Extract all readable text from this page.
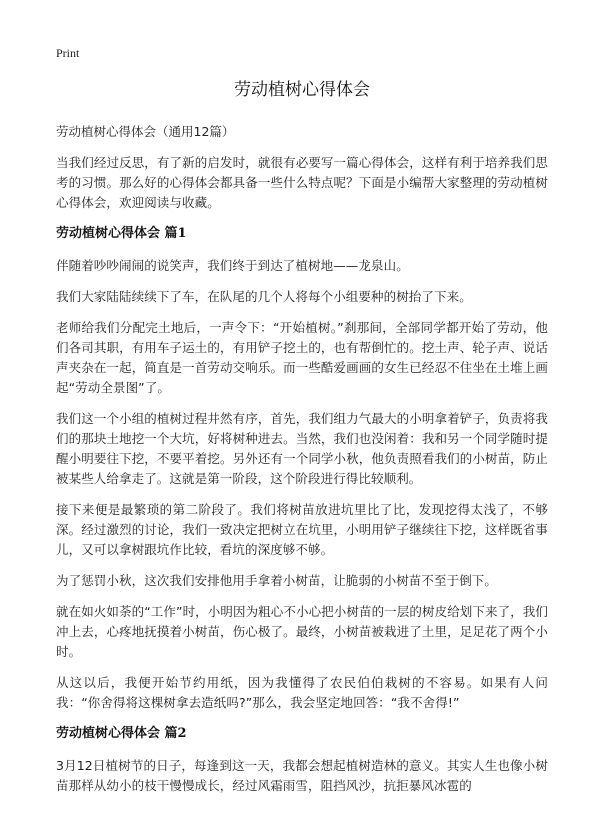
Print
劳动植树心得体会
劳动植树心得体会（通用12篇）

当我们经过反思，有了新的启发时，就很有必要写一篇心得体会，这样有利于培养我们思考的习惯。那么好的心得体会都具备一些什么特点呢？下面是小编帮大家整理的劳动植树心得体会，欢迎阅读与收藏。

劳动植树心得体会 篇1

伴随着吵吵闹闹的说笑声，我们终于到达了植树地——龙泉山。

我们大家陆陆续续下了车，在队尾的几个人将每个小组要种的树抬了下来。

老师给我们分配完土地后，一声令下：“开始植树。”刹那间，全部同学都开始了劳动，他们各司其职，有用车子运土的，有用铲子挖土的，也有帮倒忙的。挖土声、轮子声、说话声夹杂在一起，简直是一首劳动交响乐。而一些酷爱画画的女生已经忍不住坐在土堆上画起“劳动全景图”了。

我们这一个小组的植树过程井然有序，首先，我们组力气最大的小明拿着铲子，负责将我们的那块土地挖一个大坑，好将树种进去。当然，我们也没闲着：我和另一个同学随时提醒小明要往下挖，不要平着挖。另外还有一个同学小秋，他负责照看我们的小树苗，防止被某些人给拿走了。这就是第一阶段，这个阶段进行得比较顺利。

接下来便是最繁琐的第二阶段了。我们将树苗放进坑里比了比，发现挖得太浅了，不够深。经过激烈的讨论，我们一致决定把树立在坑里，小明用铲子继续往下挖，这样既省事儿，又可以拿树跟坑作比较，看坑的深度够不够。

为了惩罚小秋，这次我们安排他用手拿着小树苗，让脆弱的小树苗不至于倒下。

就在如火如荼的“工作”时，小明因为粗心不小心把小树苗的一层的树皮给划下来了，我们冲上去，心疼地抚摸着小树苗，伤心极了。最终，小树苗被栽进了土里，足足花了两个小时。

从这以后，我便开始节约用纸，因为我懂得了农民伯伯栽树的不容易。如果有人问我：“你舍得将这棵树拿去造纸吗?”那么，我会坚定地回答：“我不舍得!”

劳动植树心得体会 篇2

3月12日植树节的日子，每逢到这一天，我都会想起植树造林的意义。其实人生也像小树苗那样从幼小的枝干慢慢成长，经过风霜雨雪，阻挡风沙，抗拒暴风冰雹的
